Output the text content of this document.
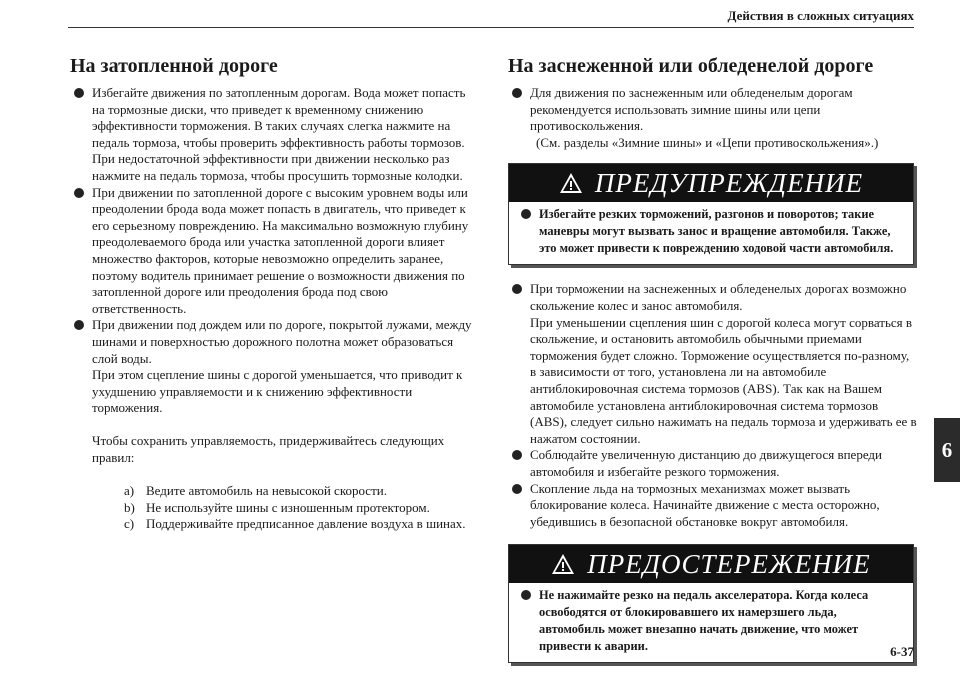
Действия в сложных ситуациях
6
На затопленной дороге

Избегайте движения по затопленным дорогам. Вода может попасть на тормозные диски, что приведет к временному снижению эффективности торможения. В таких случаях слегка нажмите на педаль тормоза, чтобы проверить эффективность работы тормозов. При недостаточной эффективности при движении несколько раз нажмите на педаль тормоза, чтобы просушить тормозные колодки.

При движении по затопленной дороге с высоким уровнем воды или преодолении брода вода может попасть в двигатель, что приведет к его серьезному повреждению. На максимально возможную глубину преодолеваемого брода или участка затопленной дороги влияет множество факторов, которые невозможно определить заранее, поэтому водитель принимает решение о возможности движения по затопленной дороге или преодоления брода под свою ответственность.

При движении под дождем или по дороге, покрытой лужами, между шинами и поверхностью дорожного полотна может образоваться слой воды.

При этом сцепление шины с дорогой уменьшается, что приводит к ухудшению управляемости и к снижению эффективности торможения.

Чтобы сохранить управляемость, придерживайтесь следующих правил:

a) Ведите автомобиль на невысокой скорости.
b) Не используйте шины с изношенным протектором.
c) Поддерживайте предписанное давление воздуха в шинах.
На заснеженной или обледенелой дороге

Для движения по заснеженным или обледенелым дорогам рекомендуется использовать зимние шины или цепи противоскольжения.

(См. разделы «Зимние шины» и «Цепи противоскольжения».)

ПРЕДУПРЕЖДЕНИЕ

Избегайте резких торможений, разгонов и поворотов; такие маневры могут вызвать занос и вращение автомобиля. Также, это может привести к повреждению ходовой части автомобиля.

При торможении на заснеженных и обледенелых дорогах возможно скольжение колес и занос автомобиля.

При уменьшении сцепления шин с дорогой колеса могут сорваться в скольжение, и остановить автомобиль обычными приемами торможения будет сложно. Торможение осуществляется по-разному, в зависимости от того, установлена ли на автомобиле антиблокировочная система тормозов (ABS). Так как на Вашем автомобиле установлена антиблокировочная система тормозов (ABS), следует сильно нажимать на педаль тормоза и удерживать ее в нажатом состоянии.

Соблюдайте увеличенную дистанцию до движущегося впереди автомобиля и избегайте резкого торможения.

Скопление льда на тормозных механизмах может вызвать блокирование колеса. Начинайте движение с места осторожно, убедившись в безопасной обстановке вокруг автомобиля.

ПРЕДОСТЕРЕЖЕНИЕ

Не нажимайте резко на педаль акселератора. Когда колеса освободятся от блокировавшего их намерзшего льда, автомобиль может внезапно начать движение, что может привести к аварии.	6-37
